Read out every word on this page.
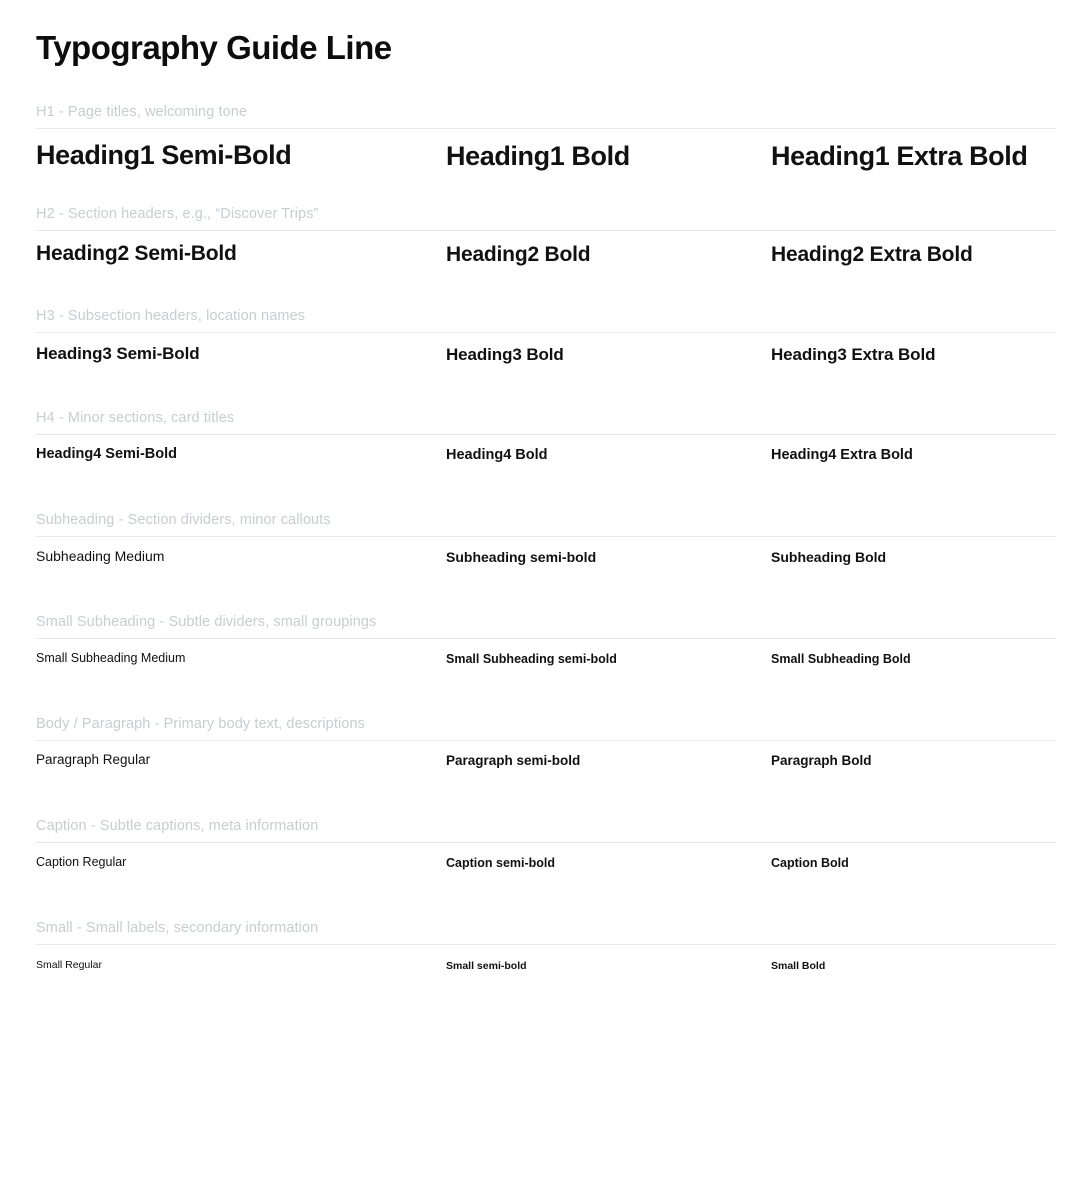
Typography Guide Line
H1 - Page titles, welcoming tone
Heading1 Semi-Bold	Heading1 Bold	Heading1 Extra Bold
H2 - Section headers, e.g., “Discover Trips”
Heading2 Semi-Bold	Heading2 Bold	Heading2 Extra Bold
H3 - Subsection headers, location names
Heading3 Semi-Bold	Heading3 Bold	Heading3 Extra Bold
H4 - Minor sections, card titles
Heading4 Semi-Bold	Heading4 Bold	Heading4 Extra Bold
Subheading - Section dividers, minor callouts
Subheading Medium	Subheading semi-bold	Subheading Bold
Small Subheading - Subtle dividers, small groupings
Small Subheading Medium	Small Subheading semi-bold	Small Subheading Bold
Body / Paragraph - Primary body text, descriptions
Paragraph Regular	Paragraph semi-bold	Paragraph Bold
Caption - Subtle captions, meta information
Caption Regular	Caption semi-bold	Caption Bold
Small - Small labels, secondary information
Small Regular	Small semi-bold	Small Bold
